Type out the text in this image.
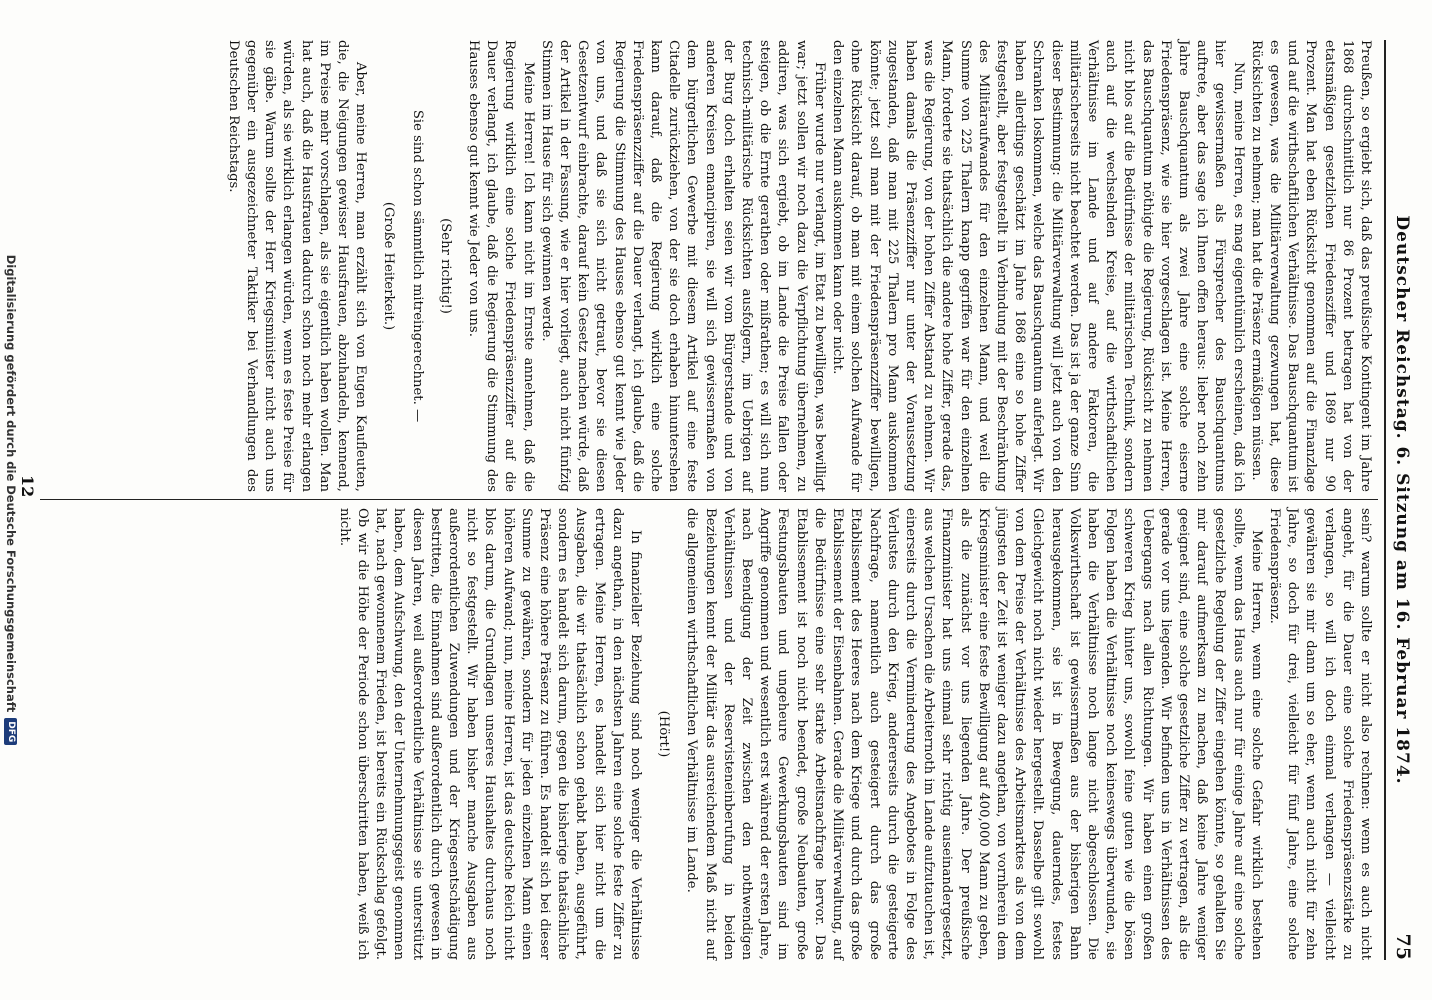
Deutscher Reichstag. 6. Sitzung am 16. Februar 1874.
75

Preußen, so ergiebt sich, daß das preußische Kontingent im Jahre 1868 durchschnittlich nur 86 Prozent betragen hat von der etatsmäßigen gesetzlichen Friedensziffer und 1869 nur 90 Prozent. Man hat eben Rücksicht genommen auf die Finanzlage und auf die wirthschaftlichen Verhältnisse. Das Bauschquantum ist es gewesen, was die Militärverwaltung gezwungen hat, diese Rücksichten zu nehmen; man hat die Präsenz ermäßigen müssen.

Nun, meine Herren, es mag eigenthümlich erscheinen, daß ich hier gewissermaßen als Fürsprecher des Bauschquantums auftrete, aber das sage ich Ihnen offen heraus: lieber noch zehn Jahre Bauschquantum als zwei Jahre eine solche eiserne Friedenspräsenz, wie sie hier vorgeschlagen ist. Meine Herren, das Bauschquantum nöthigte die Regierung, Rücksicht zu nehmen nicht blos auf die Bedürfnisse der militärischen Technik, sondern auch auf die wechselnden Kreise, auf die wirthschaftlichen Verhältnisse im Lande und auf andere Faktoren, die militärischerseits nicht beachtet werden. Das ist ja der ganze Sinn dieser Bestimmung: die Militärverwaltung will jetzt auch von den Schranken loskommen, welche das Bauschquantum auferlegt. Wir haben allerdings geschätzt im Jahre 1868 eine so hohe Ziffer festgestellt, aber festgestellt in Verbindung mit der Beschränkung des Militäraufwandes für den einzelnen Mann, und weil die Summe von 225 Thalern knapp gegriffen war für den einzelnen Mann, forderte sie thatsächlich die andere hohe Ziffer, gerade das, was die Regierung, von der hohen Ziffer Abstand zu nehmen. Wir haben damals die Präsenzziffer nur unter der Voraussetzung zugestanden, daß man mit 225 Thalern pro Mann auskommen könnte; jetzt soll man mit der Friedenspräsenzziffer bewilligen, ohne Rücksicht darauf, ob man mit einem solchen Aufwande für den einzelnen Mann auskommen kann oder nicht.

Früher wurde nur verlangt, im Etat zu bewilligen, was bewilligt war; jetzt sollen wir noch dazu die Verpflichtung übernehmen, zu addiren, was sich ergiebt, ob im Lande die Preise fallen oder steigen, ob die Ernte gerathen oder mißrathen; es will sich nun technisch-militärische Rücksichten ausfolgern, im Uebrigen auf der Burg doch erhalten seien wir vom Bürgerstande und von anderen Kreisen emancipiren, sie will sich gewissermaßen von dem bürgerlichen Gewerbe mit diesem Artikel auf eine feste Citadelle zurückziehen, von der sie doch erhaben hinuntersehen kann darauf, daß die Regierung wirklich eine solche Friedenspräsenzziffer auf die Dauer verlangt, ich glaube, daß die Regierung die Stimmung des Hauses ebenso gut kennt wie Jeder von uns, und daß sie sich nicht getraut, bevor sie diesen Gesetzentwurf einbrachte, darauf kein Gesetz machen würde, daß der Artikel in der Fassung, wie er hier vorliegt, auch nicht fünfzig Stimmen im Hause für sich gewinnen werde.

Meine Herren! Ich kann nicht im Ernste annehmen, daß die Regierung wirklich eine solche Friedenspräsenzziffer auf die Dauer verlangt, ich glaube, daß die Regierung die Stimmung des Hauses ebenso gut kennt wie Jeder von uns.

(Sehr richtig!)

Sie sind schon sämmtlich mitreingerechnet. —

(Große Heiterkeit.)

Aber, meine Herren, man erzählt sich von Eugen Kaufleuten, die, die Neigungen gewisser Hausfrauen, abzuhandeln, kennend, im Preise mehr vorschlagen, als sie eigentlich haben wollen. Man hat auch, daß die Hausfrauen dadurch schon noch mehr erlangen würden, als sie wirklich erlangen würden, wenn es feste Preise für sie gäbe. Warum sollte der Herr Kriegsminister nicht auch uns gegenüber ein ausgezeichneter Taktiker bei Verhandlungen des Deutschen Reichstags.

sein? warum sollte er nicht also rechnen: wenn es auch nicht angeht, für die Dauer eine solche Friedenspräsenzstärke zu verlangen, so will ich doch einmal verlangen — vielleicht gewähren sie mir dann um so eher, wenn auch nicht für zehn Jahre, so doch für drei, vielleicht für fünf Jahre, eine solche Friedenspräsenz.

Meine Herren, wenn eine solche Gefahr wirklich bestehen sollte, wenn das Haus auch nur für einige Jahre auf eine solche gesetzliche Regelung der Ziffer eingehen könnte, so gehalten Sie mir darauf aufmerksam zu machen, daß keine Jahre weniger geeignet sind, eine solche gesetzliche Ziffer zu vertragen, als die gerade vor uns liegenden. Wir befinden uns in Verhältnissen des Uebergangs nach allen Richtungen. Wir haben einen großen schweren Krieg hinter uns, sowohl feine guten wie die bösen Folgen haben die Verhältnisse noch keineswegs überwunden, sie haben die Verhältnisse noch lange nicht abgeschlossen. Die Volkswirthschaft ist gewissermaßen aus der bisherigen Bahn herausgekommen, sie ist in Bewegung, dauerndes, festes Gleichgewicht noch nicht wieder hergestellt. Dasselbe gilt sowohl von dem Preise der Verhältnisse des Arbeitsmarktes als von dem jüngsten der Zeit ist weniger dazu angethan, von vornherein dem Kriegsminister eine feste Bewilligung auf 400,000 Mann zu geben, als die zunächst vor uns liegenden Jahre. Der preußische Finanzminister hat uns einmal sehr richtig auseinandergesetzt, aus welchen Ursachen die Arbeiternoth im Lande aufzutauchen ist, einerseits durch die Verminderung des Angebotes in Folge des Verlustes durch den Krieg, andererseits durch die gesteigerte Nachfrage, namentlich auch gesteigert durch das große Etablissement des Heeres nach dem Kriege und durch das große Etablissement der Eisenbahnen. Gerade die Militärverwaltung, auf die Bedürfnisse eine sehr starke Arbeitsnachfrage hervor. Das Etablissement ist noch nicht beendet, große Neubauten, große Festungsbauten und ungeheure Gewerkungsbauten sind im Angriffe genommen und wesentlich erst während der ersten Jahre, nach Beendigung der Zeit zwischen den nothwendigen Verhältnissen und der Reservisteneinberufung in beiden Beziehungen kennt der Militär das ausreichendem Maß nicht auf die allgemeinen wirthschaftlichen Verhältnisse im Lande.

(Hört!)

In finanzieller Beziehung sind noch weniger die Verhältnisse dazu angethan, in den nächsten Jahren eine solche feste Ziffer zu ertragen. Meine Herren, es handelt sich hier nicht um die Ausgaben, die wir thatsächlich schon gehabt haben, ausgeführt, sondern es handelt sich darum, gegen die bisherige thatsächliche Präsenz eine höhere Präsenz zu führen. Es handelt sich bei dieser Summe zu gewähren, sondern für jeden einzelnen Mann einen höheren Aufwand; nun, meine Herren, ist das deutsche Reich nicht blos darum, die Grundlagen unseres Haushaltes durchaus noch nicht so festgestellt. Wir haben bisher manche Ausgaben aus außerordentlichen Zuwendungen und der Kriegsentschädigung bestritten, die Einnahmen sind außerordentlich durch gewesen in diesen Jahren, weil außerordentliche Verhältnisse sie unterstützt haben, dem Aufschwung, den der Unternehmungsgeist genommen hat, nach gewonnenem Frieden, ist bereits ein Rückschlag gefolgt. Ob wir die Höhe der Periode schon überschritten haben, weiß ich nicht.

12
Digitalisierung gefördert durch die Deutsche Forschungsgemeinschaft
DFG
